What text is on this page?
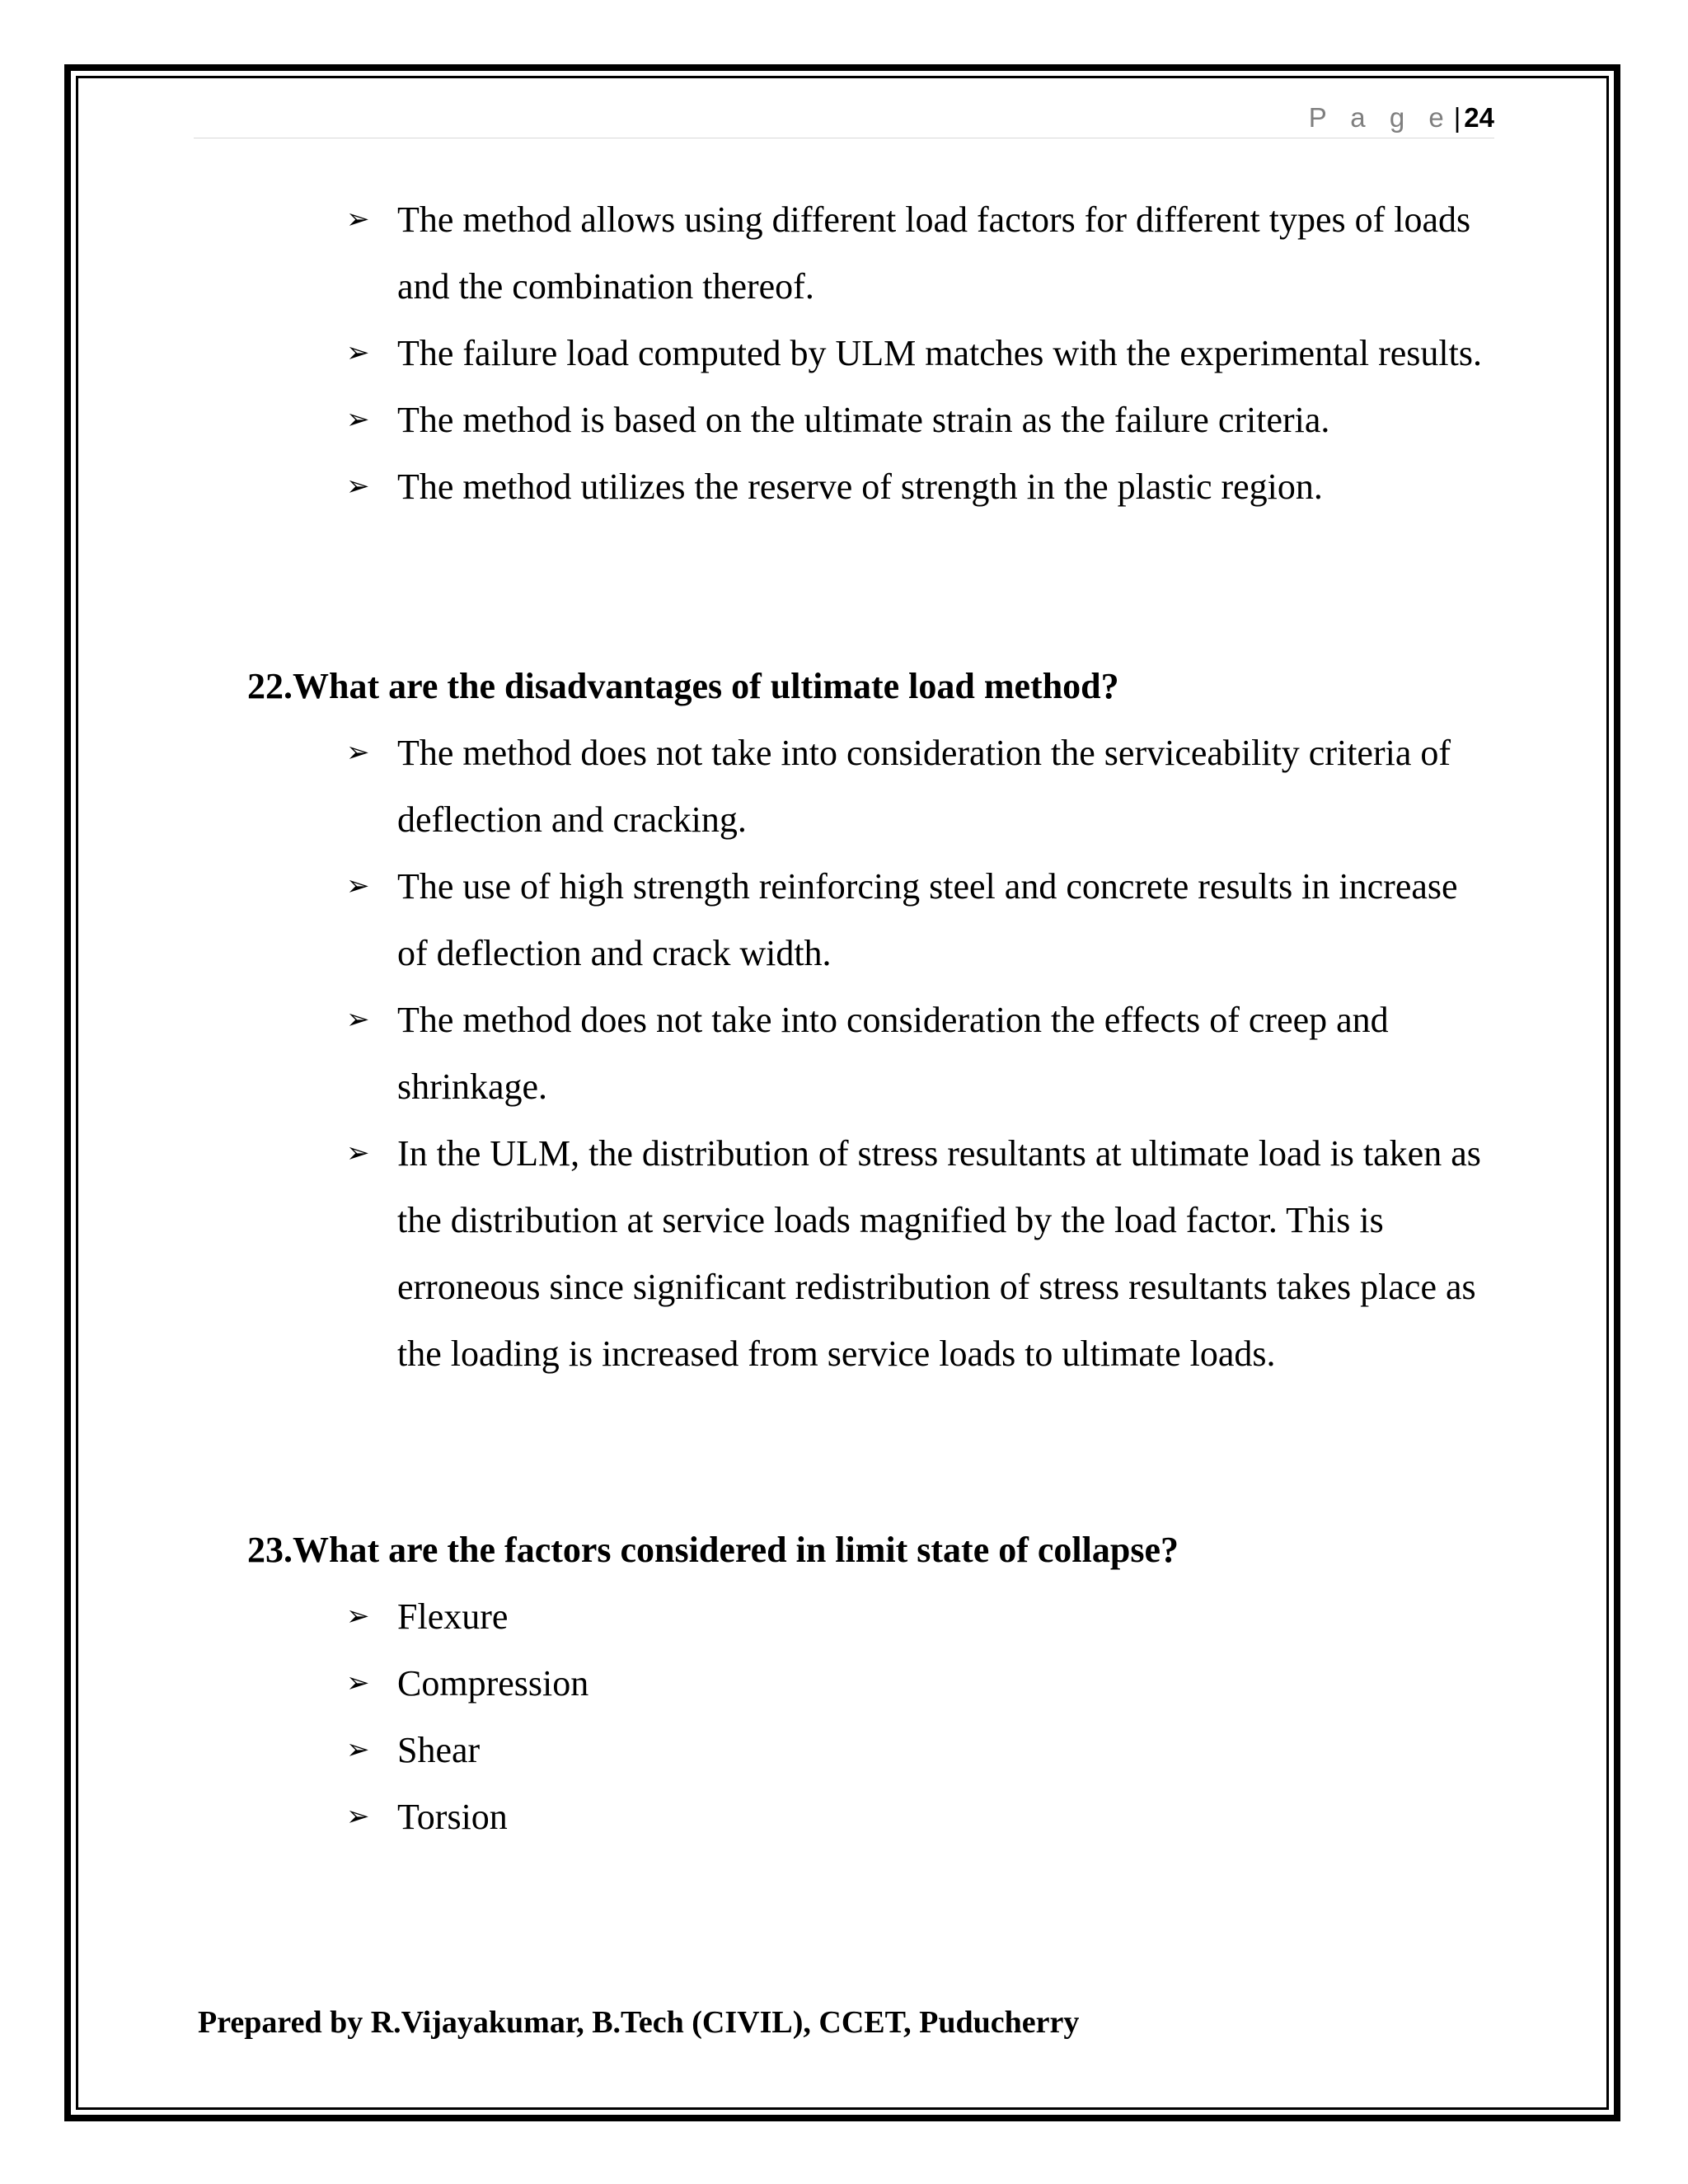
P a g e| 24
➢ The method allows using different load factors for different types of loads and the combination thereof.
➢ The failure load computed by ULM matches with the experimental results.
➢ The method is based on the ultimate strain as the failure criteria.
➢ The method utilizes the reserve of strength in the plastic region.
22.What are the disadvantages of ultimate load method?
➢ The method does not take into consideration the serviceability criteria of deflection and cracking.
➢ The use of high strength reinforcing steel and concrete results in increase of deflection and crack width.
➢ The method does not take into consideration the effects of creep and shrinkage.
➢ In the ULM, the distribution of stress resultants at ultimate load is taken as the distribution at service loads magnified by the load factor. This is erroneous since significant redistribution of stress resultants takes place as the loading is increased from service loads to ultimate loads.
23.What are the factors considered in limit state of collapse?
➢ Flexure
➢ Compression
➢ Shear
➢ Torsion
Prepared by R.Vijayakumar, B.Tech (CIVIL), CCET, Puducherry
